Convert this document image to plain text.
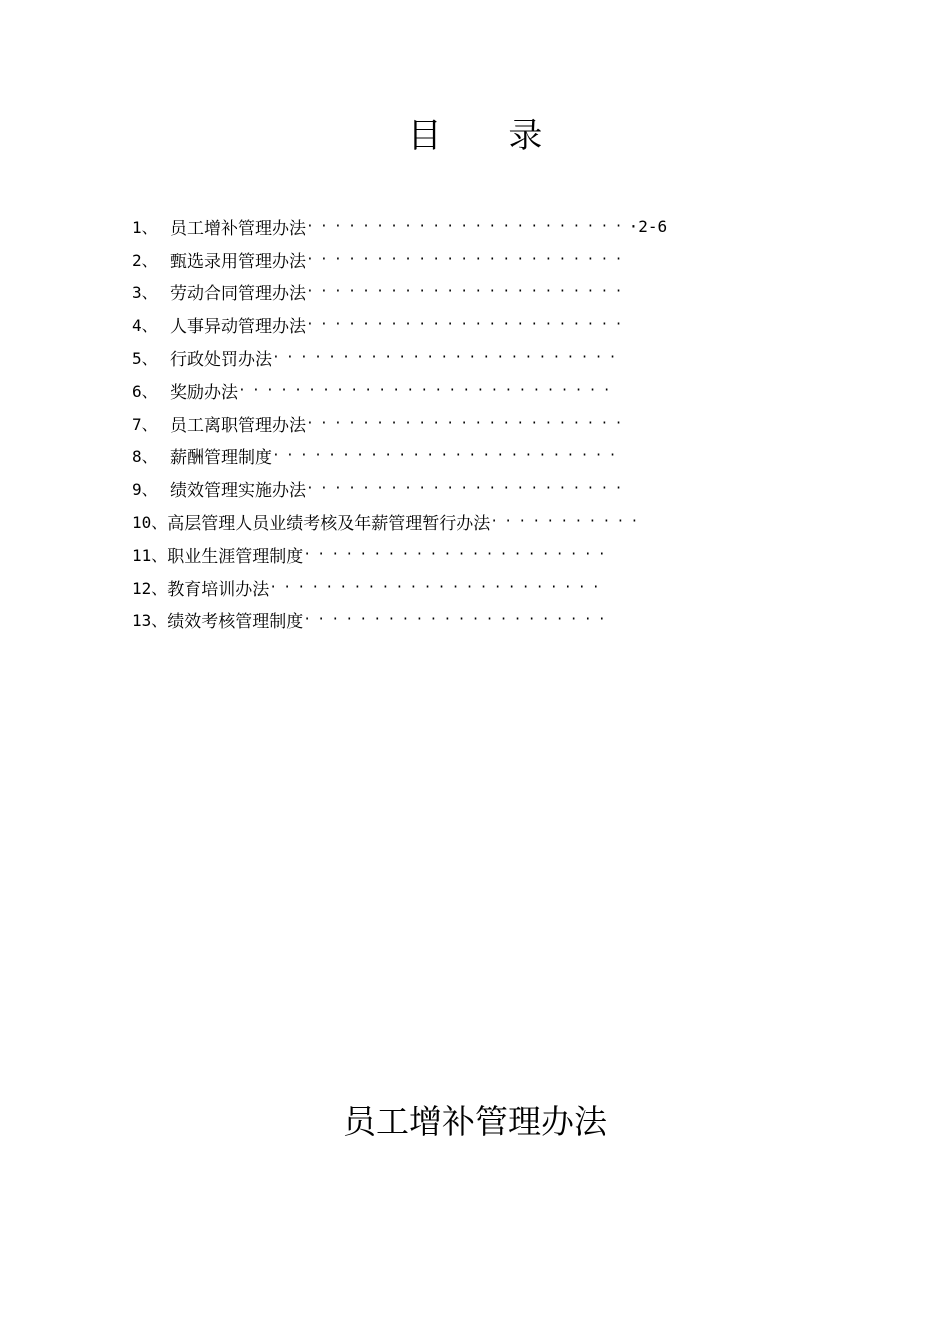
目 录
1、 员工增补管理办法 ······················· ·2-6
2、 甄选录用管理办法 ·······················
3、 劳动合同管理办法 ·······················
4、 人事异动管理办法 ·······················
5、 行政处罚办法 ·························
6、 奖励办法 ···························
7、 员工离职管理办法 ·······················
8、 薪酬管理制度 ·························
9、 绩效管理实施办法 ·······················
10、 高层管理人员业绩考核及年薪管理暂行办法 ···········
11、 职业生涯管理制度 ······················
12、 教育培训办法 ························
13、 绩效考核管理制度 ······················
员工增补管理办法
